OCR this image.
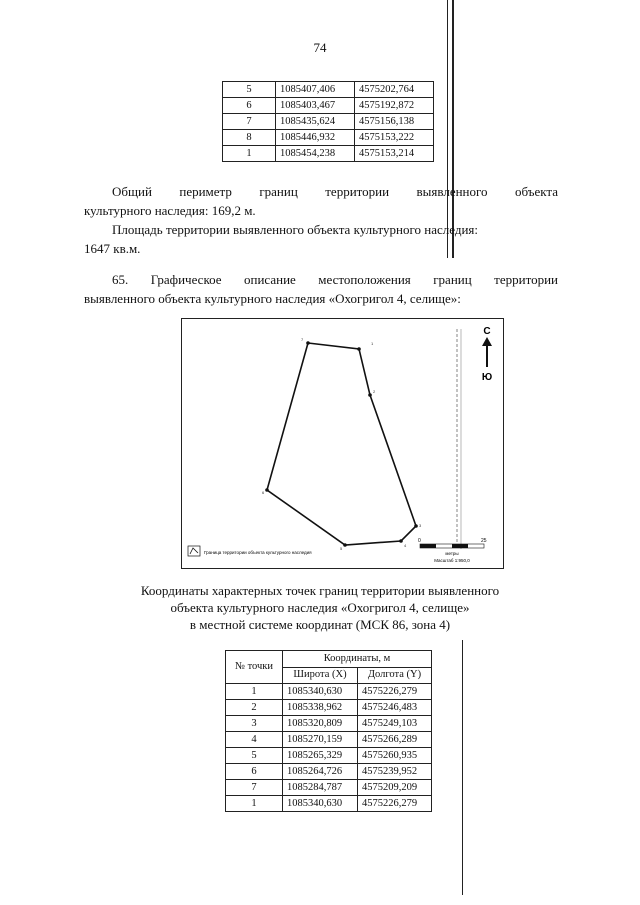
74
5	1085407,406	4575202,764
6	1085403,467	4575192,872
7	1085435,624	4575156,138
8	1085446,932	4575153,222
1	1085454,238	4575153,214
Общий периметр границ территории выявленного объекта
культурного наследия: 169,2 м.
Площадь территории выявленного объекта культурного наследия:
1647 кв.м.
65. Графическое описание местоположения границ территории
выявленного объекта культурного наследия «Охогригол 4, селище»:
1
2
3
4
5
6
7
С
Ю
0	25
метры
Масштаб 1:950,0
Граница территории объекта культурного наследия
Координаты характерных точек границ территории выявленного
объекта культурного наследия «Охогригол 4, селище»
в местной системе координат (МСК 86, зона 4)
№ точки	Координаты, м	
	Широта (X)	Долгота (Y)
1	1085340,630	4575226,279
2	1085338,962	4575246,483
3	1085320,809	4575249,103
4	1085270,159	4575266,289
5	1085265,329	4575260,935
6	1085264,726	4575239,952
7	1085284,787	4575209,209
1	1085340,630	4575226,279
